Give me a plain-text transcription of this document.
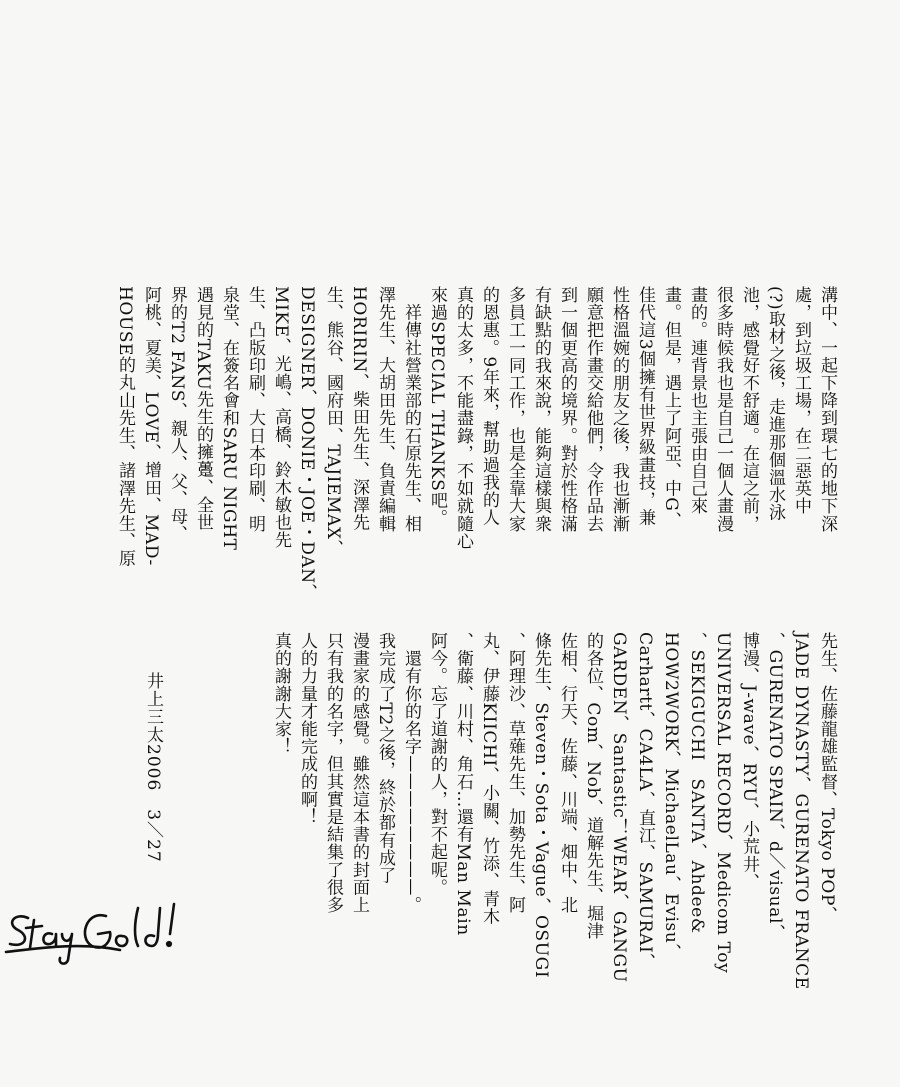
溝中、一起下降到環七的地下深
處，到垃圾工場，在二惡英中
(?)取材之後，走進那個溫水泳
池，感覺好不舒適。在這之前，
很多時候我也是自己一個人畫漫
畫的。連背景也主張由自己來
畫。但是，遇上了阿亞、中G、
佳代這3個擁有世界級畫技，兼
性格溫婉的朋友之後，我也漸漸
願意把作畫交給他們，令作品去
到一個更高的境界。對於性格滿
有缺點的我來說，能夠這樣與衆
多員工一同工作，也是全靠大家
的恩惠。9年來，幫助過我的人
真的太多，不能盡錄，不如就隨心
來過SPECIAL THANKS吧。
　祥傳社營業部的石原先生、相
澤先生、大胡田先生、負責編輯
HORIRIN、柴田先生、深澤先
生、熊谷、國府田、TAJIEMAX、
DESIGNER、DONIE・JOE・DAN、
MIKE、光嶋、高橋、鈴木敏也先
生、凸版印刷、大日本印刷、明
泉堂、在簽名會和SARU NIGHT
遇見的TAKU先生的擁躉、全世
界的T2 FANS、親人、父、母、
阿桃、夏美、LOVE、增田、MAD-
HOUSE的丸山先生、諸澤先生、原
先生、佐藤龍雄監督、Tokyo POP、
JADE DYNASTY、GURENATO FRANCE
、GURENATO SPAIN、d＼visual、
博漫、J-wave、RYU、小荒井、
UNIVERSAL RECORD、Medicom Toy
、SEKIGUCHI　SANTA、Ahdee&
HOW2WORK、MichaelLau、Evisu、
Carhartt、CA4LA、直江、SAMURAI、
GARDEN、Santastic！WEAR、GANGU
的各位、Com、Nob、道解先生、堀津
佐相、行天、佐藤、川端、畑中、北
條先生、Steven・Sota・Vague、OSUGI
、阿理沙、草薙先生、加勢先生、阿
丸、伊藤KIICHI、小關、竹添、青木
、衛藤、川村、角石…還有Man Main
阿今。忘了道謝的人，對不起呢。
　還有你的名字————————。
我完成了T2之後，終於都有成了
漫畫家的感覺。雖然這本書的封面上
只有我的名字，但其實是結集了很多
人的力量才能完成的啊！
真的謝謝大家！
井上三太2006　3＼27
